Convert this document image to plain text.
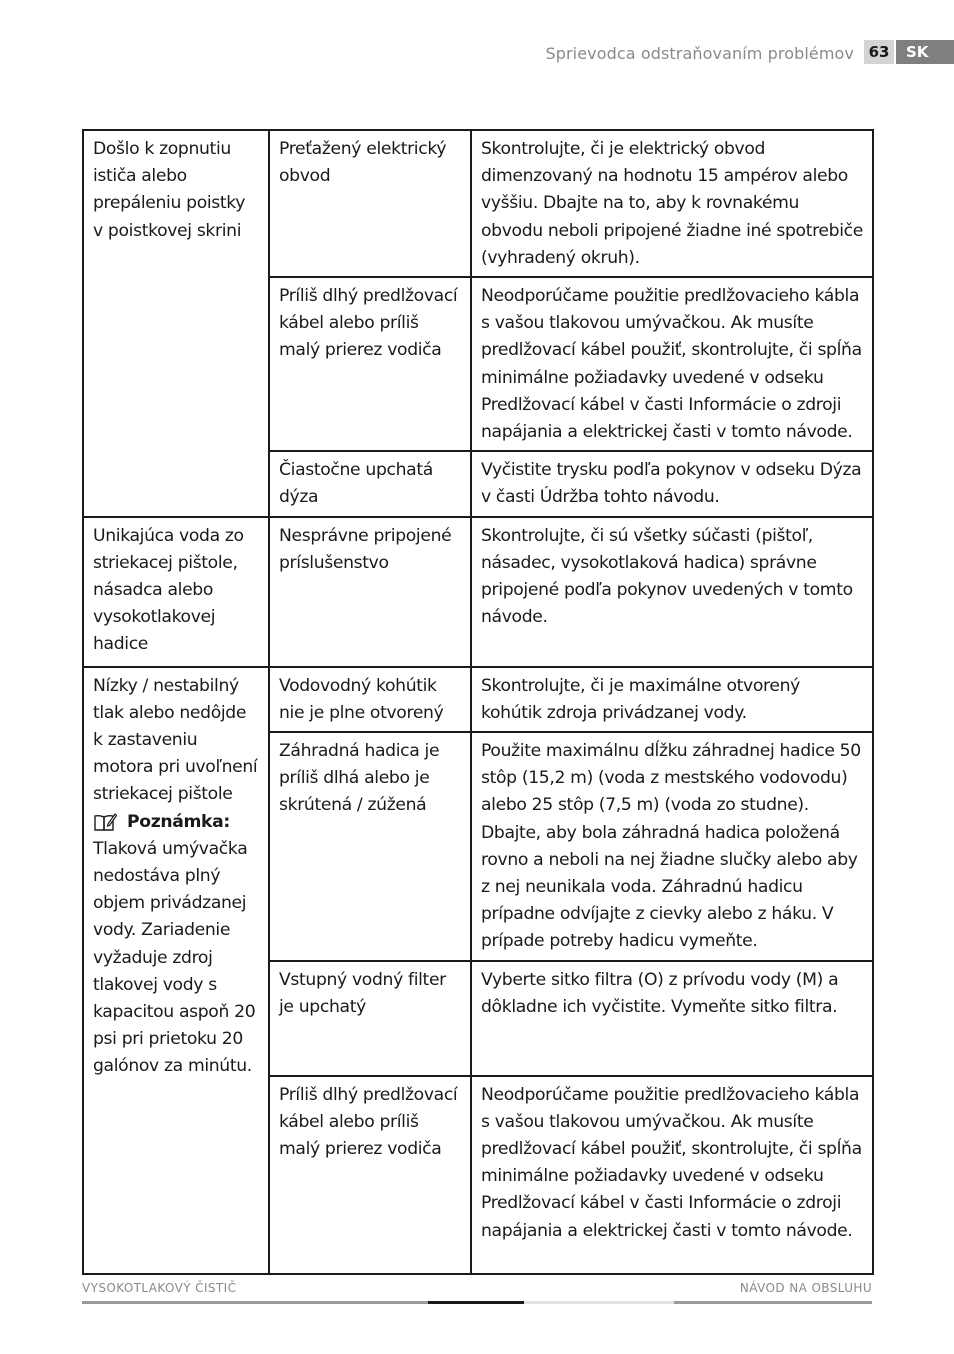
Sprievodca odstraňovaním problémov 63	SK
Došlo k zopnutiu ističa alebo prepáleniu poistky v poistkovej skrini	Preťažený elektrický obvod	Skontrolujte, či je elektrický obvod dimenzovaný na hodnotu 15 ampérov alebo vyššiu. Dbajte na to, aby k rovnakému obvodu neboli pripojené žiadne iné spotrebiče (vyhradený okruh).
	Príliš dlhý predlžovací kábel alebo príliš malý prierez vodiča	Neodporúčame použitie predlžovacieho kábla s vašou tlakovou umývačkou. Ak musíte predlžovací kábel použiť, skontrolujte, či spĺňa minimálne požiadavky uvedené v odseku Predlžovací kábel v časti Informácie o zdroji napájania a elektrickej časti v tomto návode.
	Čiastočne upchatá dýza	Vyčistite trysku podľa pokynov v odseku Dýza v časti Údržba tohto návodu.
Unikajúca voda zo striekacej pištole, násadca alebo vysokotlakovej hadice	Nesprávne pripojené príslušenstvo	Skontrolujte, či sú všetky súčasti (pištoľ, násadec, vysokotlaková hadica) správne pripojené podľa pokynov uvedených v tomto návode.

Nízky / nestabilný tlak alebo nedôjde k zastaveniu motora pri uvoľnení striekacej pištole
Poznámka:
Tlaková umývačka nedostáva plný objem privádzanej vody. Zariadenie vyžaduje zdroj tlakovej vody s kapacitou aspoň 20 psi pri prietoku 20 galónov za minútu.	Vodovodný kohútik nie je plne otvorený	Skontrolujte, či je maximálne otvorený kohútik zdroja privádzanej vody.
	Záhradná hadica je príliš dlhá alebo je skrútená / zúžená	Použite maximálnu dĺžku záhradnej hadice 50 stôp (15,2 m) (voda z mestského vodovodu) alebo 25 stôp (7,5 m) (voda zo studne). Dbajte, aby bola záhradná hadica položená rovno a neboli na nej žiadne slučky alebo aby z nej neunikala voda. Záhradnú hadicu prípadne odvíjajte z cievky alebo z háku. V prípade potreby hadicu vymeňte.
	Vstupný vodný filter je upchatý	Vyberte sitko filtra (O) z prívodu vody (M) a dôkladne ich vyčistite. Vymeňte sitko filtra.
	Príliš dlhý predlžovací kábel alebo príliš malý prierez vodiča	Neodporúčame použitie predlžovacieho kábla s vašou tlakovou umývačkou. Ak musíte predlžovací kábel použiť, skontrolujte, či spĺňa minimálne požiadavky uvedené v odseku Predlžovací kábel v časti Informácie o zdroji napájania a elektrickej časti v tomto návode.
VYSOKOTLAKOVÝ ČISTIČ	NÁVOD NA OBSLUHU
